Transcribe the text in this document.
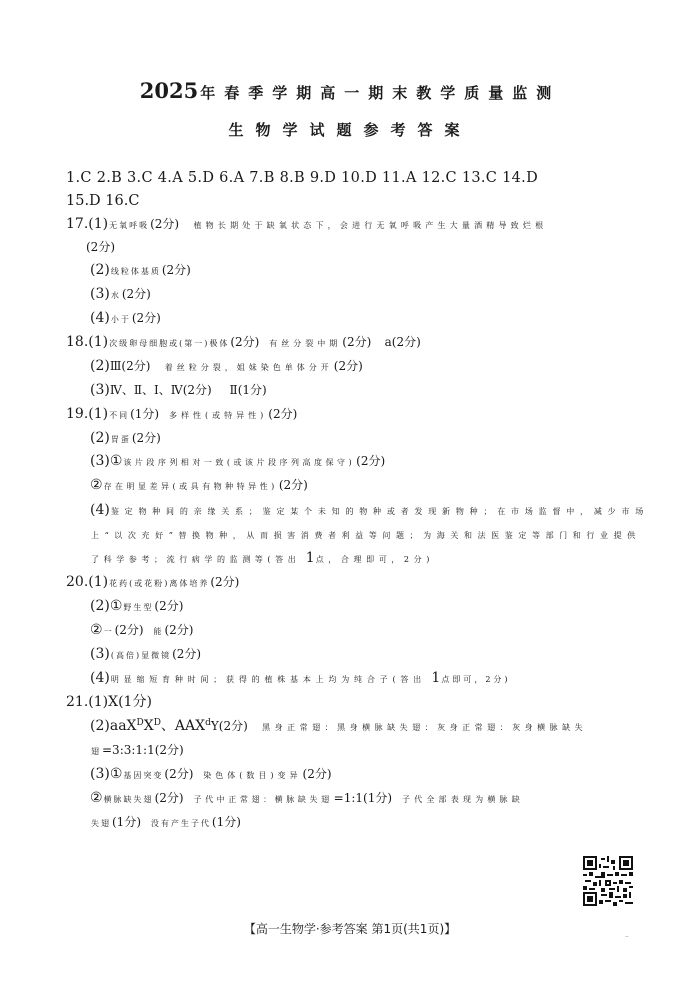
2025 年春季学期高一期末教学质量监测
生物学试题参考答案
1.C 2.B 3.C 4.A 5.D 6.A 7.B 8.B 9.D 10.D 11.A 12.C 13.C 14.D
15.D 16.C
17.(1)无氧呼吸(2分) 植物长期处于缺氧状态下，会进行无氧呼吸产生大量酒精导致烂根
(2分)
(2)线粒体基质(2分)
(3)水(2分)
(4)小于(2分)
18.(1)次级卵母细胞或(第一)极体(2分) 有丝分裂中期(2分) a(2分)
(2)Ⅲ(2分) 着丝粒分裂，姐妹染色单体分开(2分)
(3)Ⅳ、Ⅱ、Ⅰ、Ⅳ(2分) Ⅱ(1分)
19.(1)不同(1分) 多样性(或特异性)(2分)
(2)胃蛋(2分)
(3)①该片段序列相对一致(或该片段序列高度保守)(2分)
②存在明显差异(或具有物种特异性)(2分)
(4)鉴定物种间的亲缘关系；鉴定某个未知的物种或者发现新物种；在市场监督中，减少市场
上“以次充好”替换物种，从而损害消费者利益等问题；为海关和法医鉴定等部门和行业提供
了科学参考；流行病学的监测等(答出 1点，合理即可，2分)
20.(1)花药(或花粉)离体培养(2分)
(2)①野生型(2分)
②一(2分) 能(2分)
(3)(高倍)显微镜(2分)
(4)明显缩短育种时间；获得的植株基本上均为纯合子(答出 1点即可，2分)
21.(1)X(1分)
$(2)aaX^DX^D$、AAX$^d$Y(2分) 黑身正常翅：黑身横脉缺失翅：灰身正常翅：灰身横脉缺失
翅=3:3:1:1(2分)
(3)①基因突变(2分) 染色体(数目)变异(2分)
②横脉缺失翅(2分) 子代中正常翅：横脉缺失翅=1:1(1分) 子代全部表现为横脉缺
失翅(1分) 没有产生子代(1分)
【高一生物学·参考答案 第1页(共1页)】	..
